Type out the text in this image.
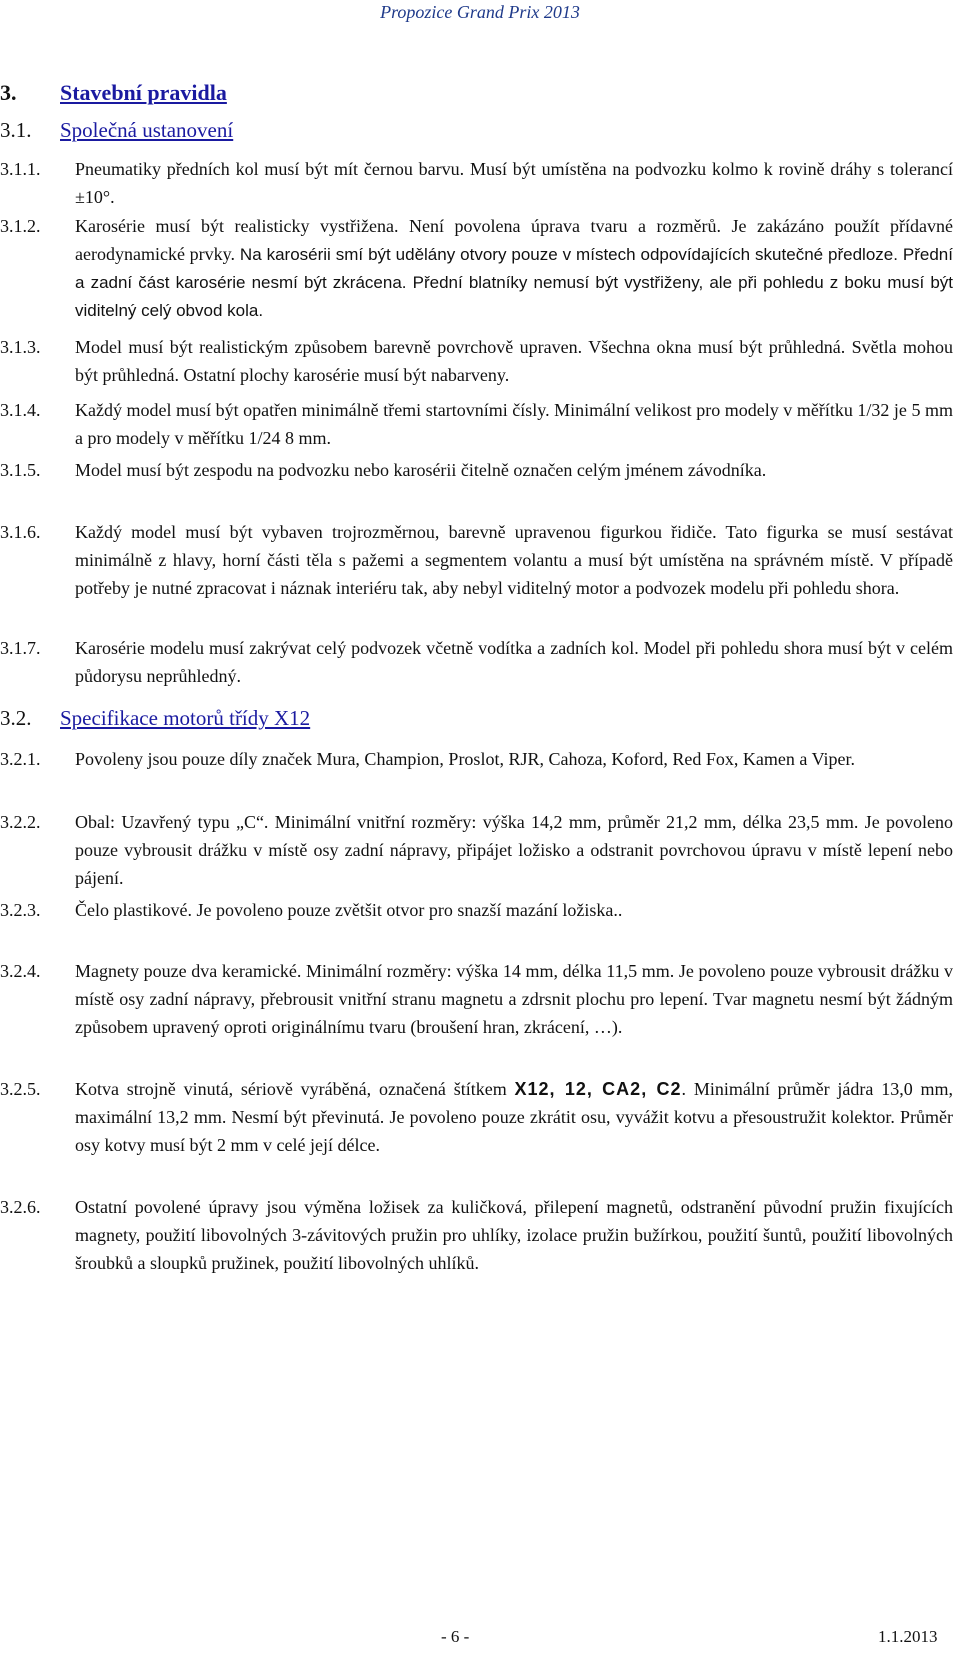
Propozice Grand Prix 2013
3. Stavební pravidla
3.1. Společná ustanovení
3.1.1. Pneumatiky předních kol musí být mít černou barvu. Musí být umístěna na podvozku kolmo k rovině dráhy s tolerancí ±10°.
3.1.2. Karosérie musí být realisticky vystřižena. Není povolena úprava tvaru a rozměrů. Je zakázáno použít přídavné aerodynamické prvky. Na karosérii smí být udělány otvory pouze v místech odpovídajících skutečné předloze. Přední a zadní část karosérie nesmí být zkrácena. Přední blatníky nemusí být vystřiženy, ale při pohledu z boku musí být viditelný celý obvod kola.
3.1.3. Model musí být realistickým způsobem barevně povrchově upraven. Všechna okna musí být průhledná. Světla mohou být průhledná. Ostatní plochy karosérie musí být nabarveny.
3.1.4. Každý model musí být opatřen minimálně třemi startovními čísly. Minimální velikost pro modely v měřítku 1/32 je 5 mm a pro modely v měřítku 1/24 8 mm.
3.1.5. Model musí být zespodu na podvozku nebo karosérii čitelně označen celým jménem závodníka.
3.1.6. Každý model musí být vybaven trojrozměrnou, barevně upravenou figurkou řidiče. Tato figurka se musí sestávat minimálně z hlavy, horní části těla s pažemi a segmentem volantu a musí být umístěna na správném místě. V případě potřeby je nutné zpracovat i náznak interiéru tak, aby nebyl viditelný motor a podvozek modelu při pohledu shora.
3.1.7. Karosérie modelu musí zakrývat celý podvozek včetně vodítka a zadních kol. Model při pohledu shora musí být v celém půdorysu neprůhledný.
3.2. Specifikace motorů třídy X12
3.2.1. Povoleny jsou pouze díly značek Mura, Champion, Proslot, RJR, Cahoza, Koford, Red Fox, Kamen a Viper.
3.2.2. Obal: Uzavřený typu „C“. Minimální vnitřní rozměry: výška 14,2 mm, průměr 21,2 mm, délka 23,5 mm. Je povoleno pouze vybrousit drážku v místě osy zadní nápravy, připájet ložisko a odstranit povrchovou úpravu v místě lepení nebo pájení.
3.2.3. Čelo plastikové. Je povoleno pouze zvětšit otvor pro snazší mazání ložiska..
3.2.4. Magnety pouze dva keramické. Minimální rozměry: výška 14 mm, délka 11,5 mm. Je povoleno pouze vybrousit drážku v místě osy zadní nápravy, přebrousit vnitřní stranu magnetu a zdrsnit plochu pro lepení. Tvar magnetu nesmí být žádným způsobem upravený oproti originálnímu tvaru (broušení hran, zkrácení, …).
3.2.5. Kotva strojně vinutá, sériově vyráběná, označená štítkem X12, 12, CA2, C2. Minimální průměr jádra 13,0 mm, maximální 13,2 mm. Nesmí být převinutá. Je povoleno pouze zkrátit osu, vyvážit kotvu a přesoustružit kolektor. Průměr osy kotvy musí být 2 mm v celé její délce.
3.2.6. Ostatní povolené úpravy jsou výměna ložisek za kuličková, přilepení magnetů, odstranění původní pružin fixujících magnety, použití libovolných 3-závitových pružin pro uhlíky, izolace pružin bužírkou, použití šuntů, použití libovolných šroubků a sloupků pružinek, použití libovolných uhlíků.
- 6 -	1.1.2013
